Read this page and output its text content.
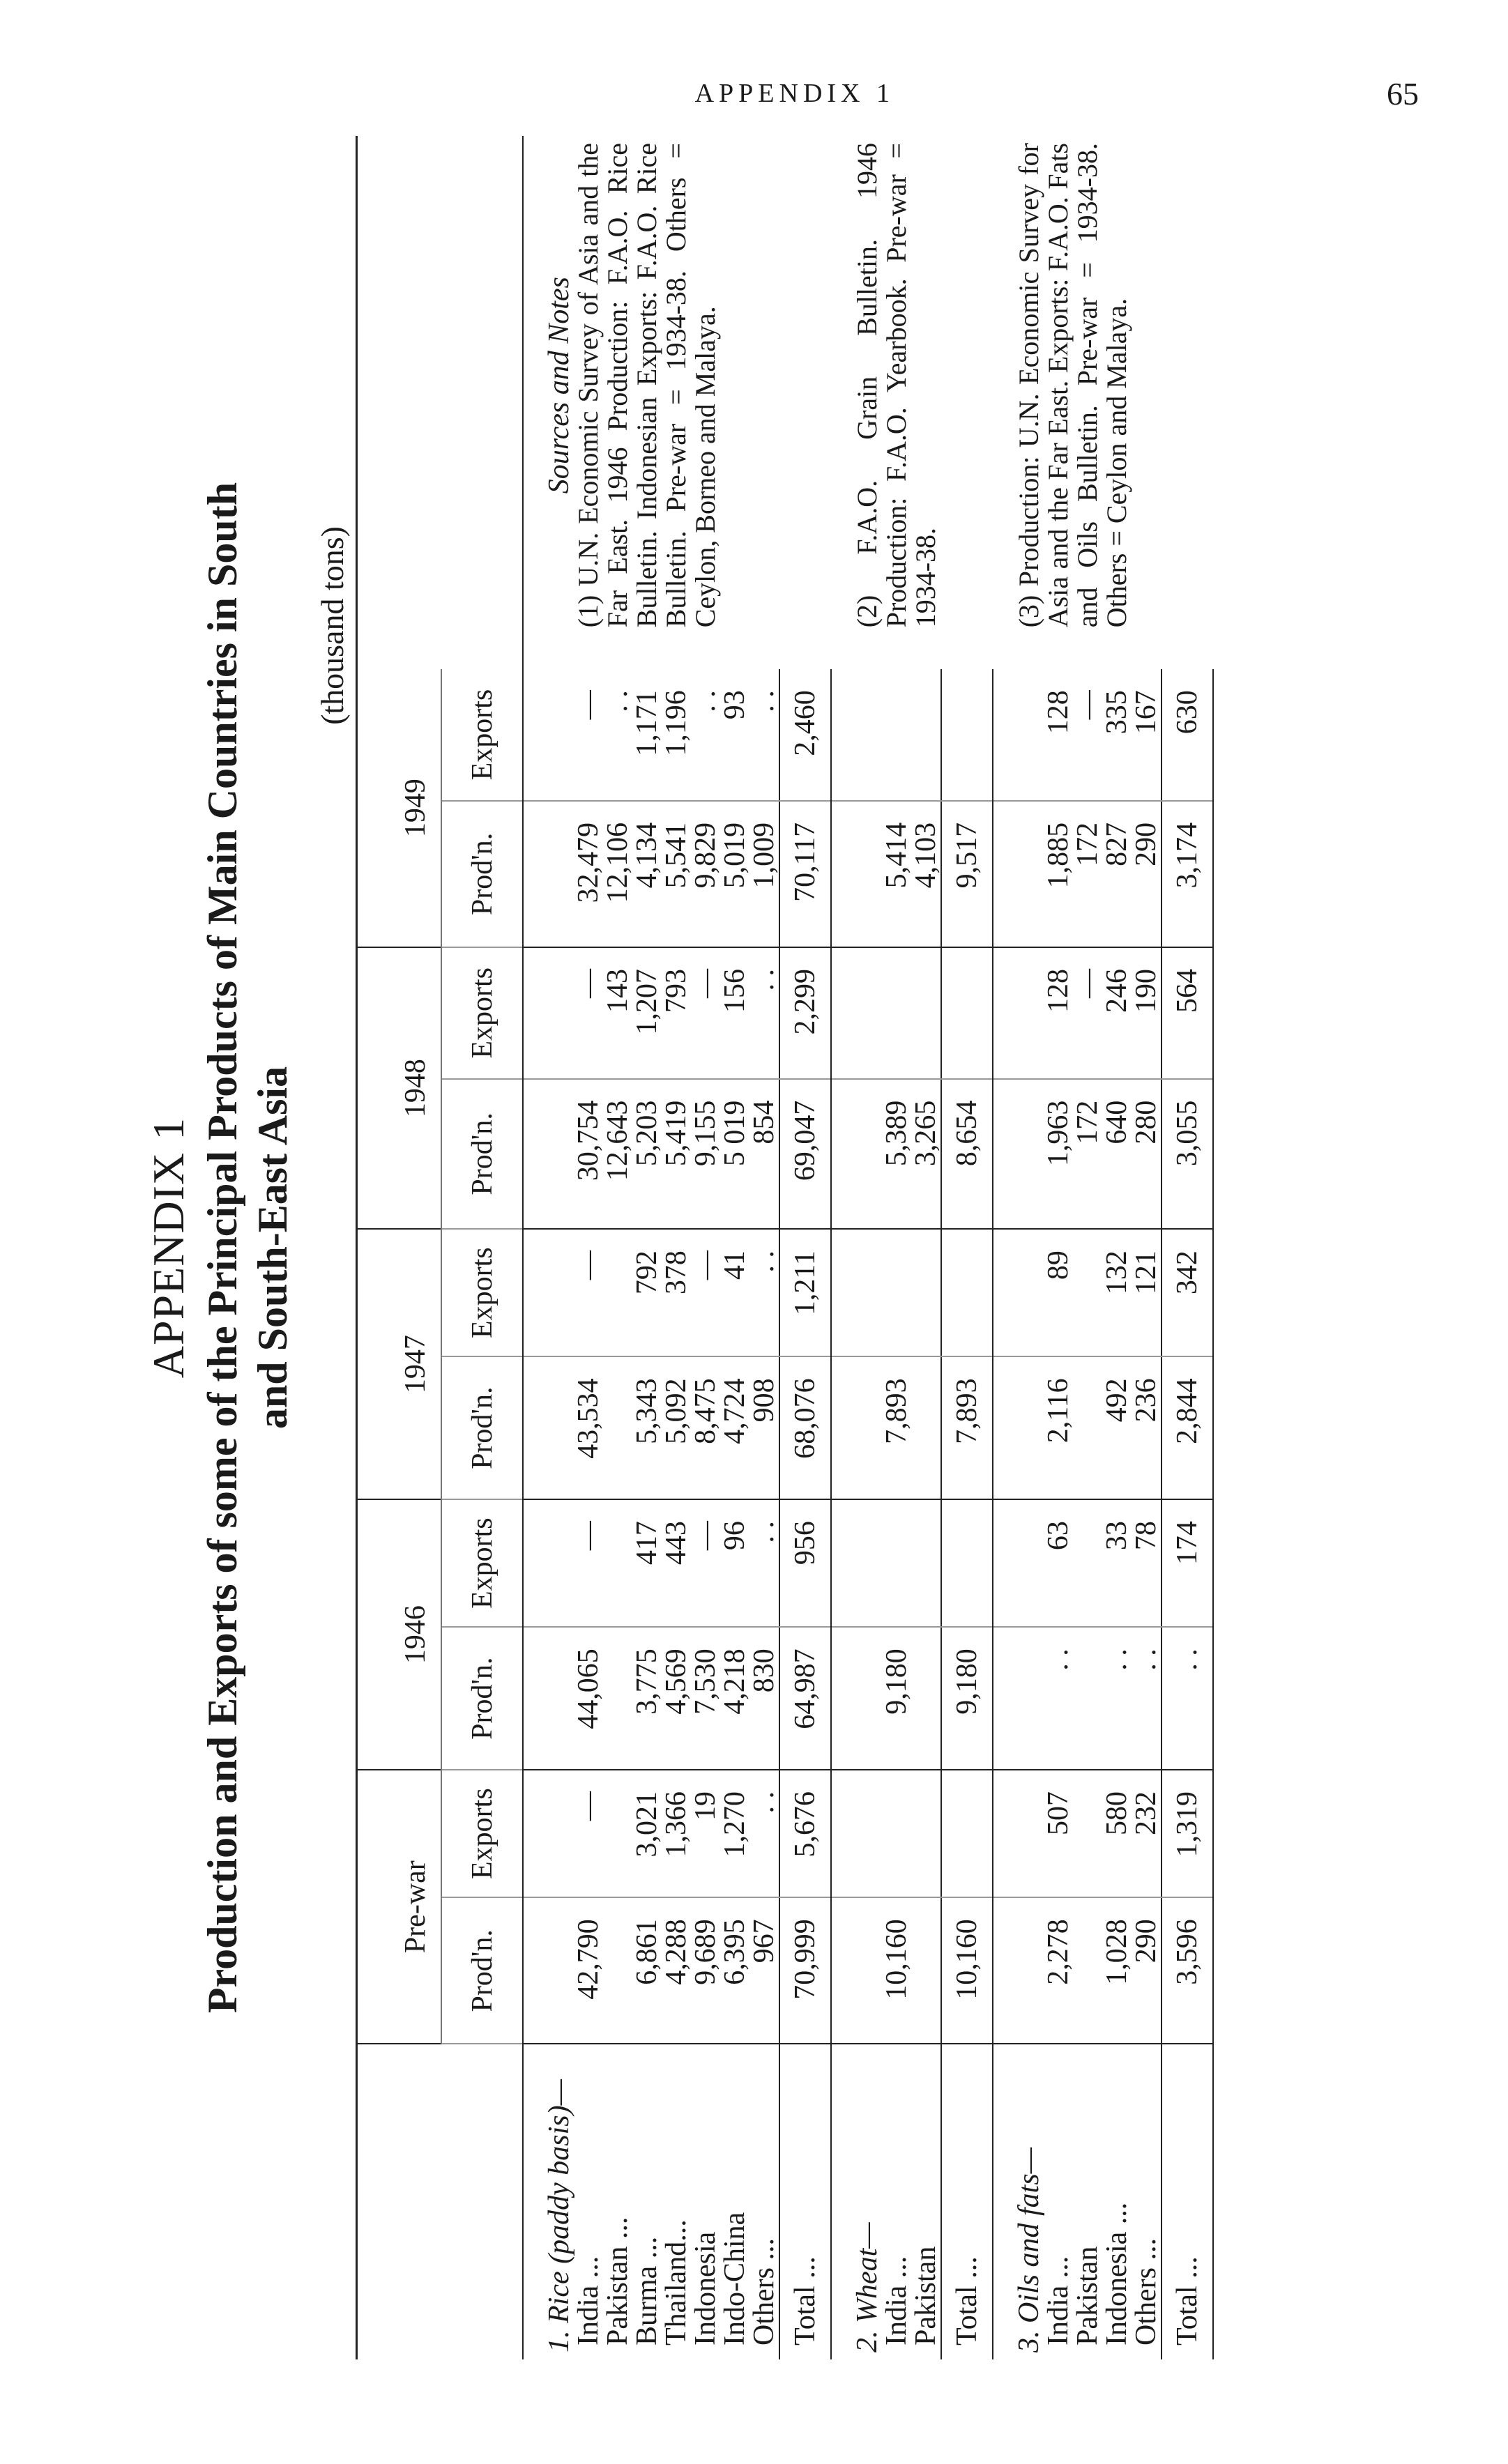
APPENDIX 1	65
APPENDIX 1 Production and Exports of some of the Principal Products of Main Countries in South and South-East Asia
(thousand tons)
	Pre-war		1946		1947		1948		1949		
	Prod'n.	Exports	Prod'n.	Exports	Prod'n.	Exports	Prod'n.	Exports	Prod'n.	Exports	

1. Rice (paddy basis)—											Sources and Notes
(1) U.N. Economic Survey of Asia and the Far East. 1946 Production: F.A.O. Rice Bulletin. Indonesian Exports: F.A.O. Rice Bulletin. Pre-war = 1934-38. Others = Ceylon, Borneo and Malaya.

India ...	42,790	—	44,065	—	43,534	—	30,754	—	32,479	—	
Pakistan ...							12,643	143	12,106	. .	
Burma ...	6,861	3,021	3,775	417	5,343	792	5,203	1,207	4,134	1,171	
Thailand...	4,288	1,366	4,569	443	5,092	378	5,419	793	5,541	1,196	
Indonesia	9,689	19	7,530	—	8,475	—	9,155	—	9,829	. .	
Indo-China	6,395	1,270	4,218	96	4,724	41	5 019	156	5,019	93	
Others ...	967	. .	830	. .	908	. .	854	. .	1,009	. .	
Total ...	70,999	5,676	64,987	956	68,076	1,211	69,047	2,299	70,117	2,460	

2. Wheat—											(2) F.A.O. Grain Bulletin. 1946 Production: F.A.O. Yearbook. Pre-war = 1934-38.

India ...	10,160		9,180		7,893		5,389		5,414		
Pakistan							3,265		4,103		
Total ...	10,160		9,180		7,893		8,654		9,517		

3. Oils and fats—											(3) Production: U.N. Economic Survey for Asia and the Far East. Exports: F.A.O. Fats and Oils Bulletin. Pre-war = 1934-38. Others = Ceylon and Malaya.

India ...	2,278	507	. .	63	2,116	89	1,963	128	1,885	128	
Pakistan							172	—	172	—	
Indonesia ...	1,028	580	. .	33	492	132	640	246	827	335	
Others ...	290	232	. .	78	236	121	280	190	290	167	
Total ...	3,596	1,319	. .	174	2,844	342	3,055	564	3,174	630	
